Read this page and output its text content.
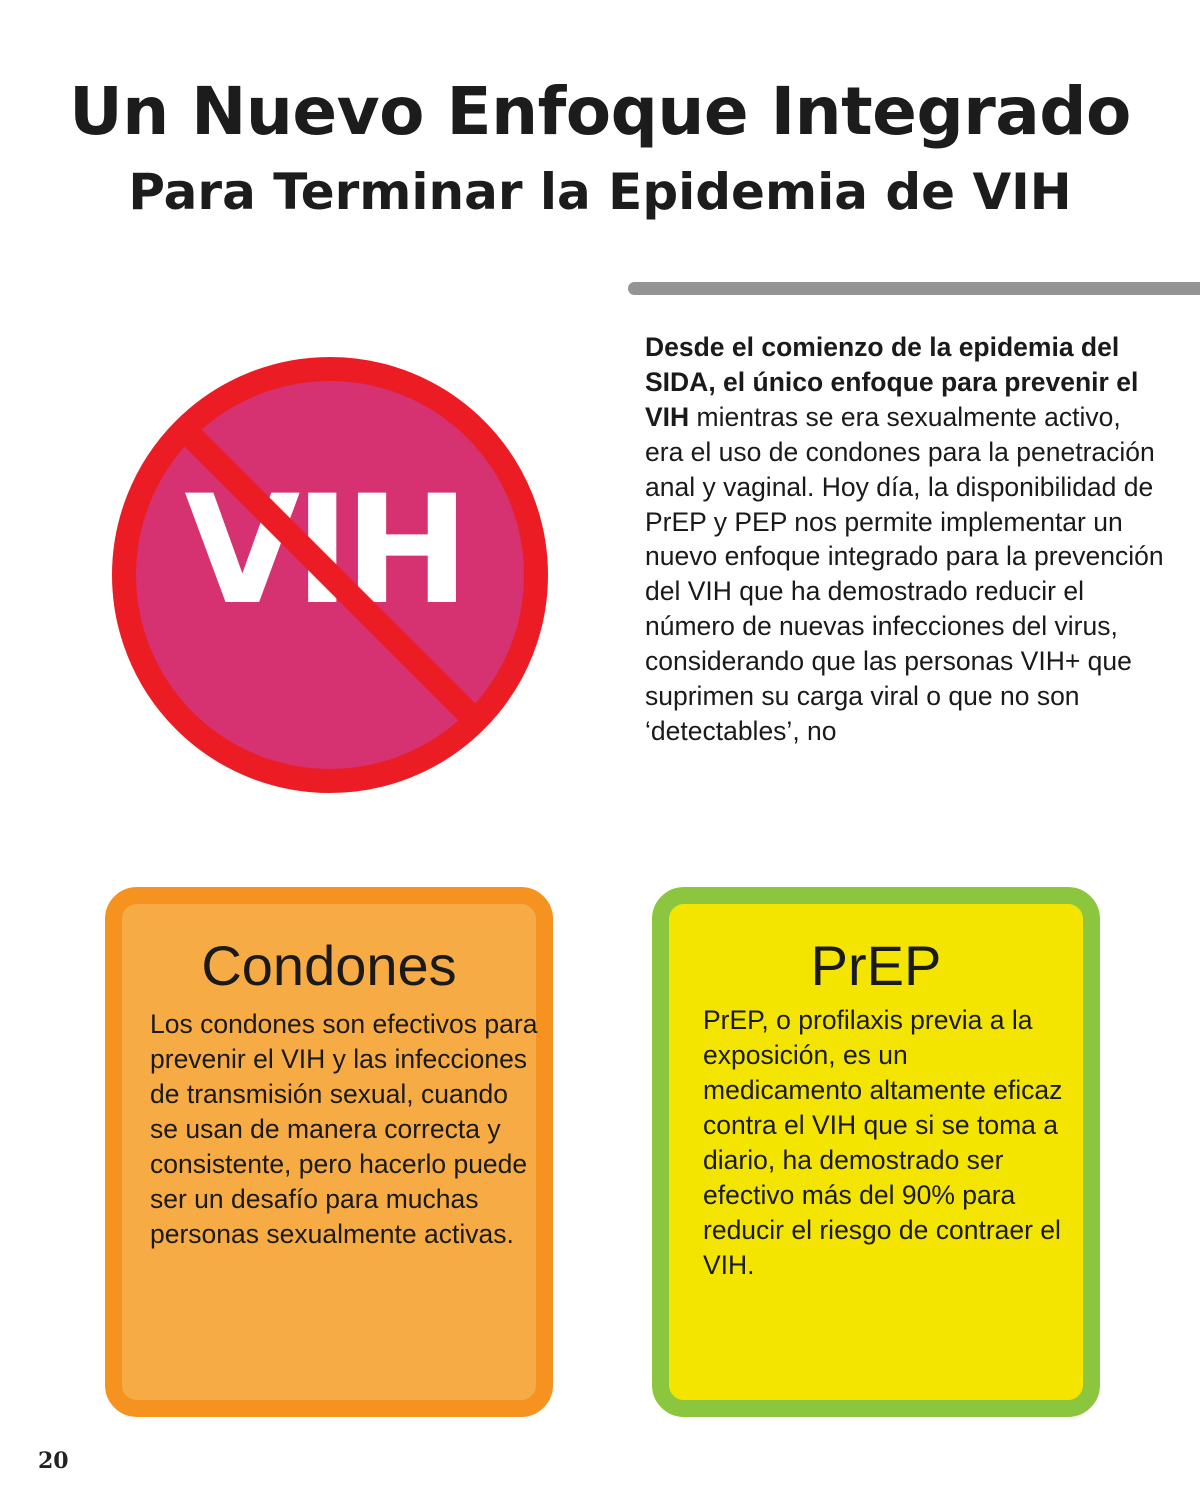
Un Nuevo Enfoque Integrado
Para Terminar la Epidemia de VIH
VIH
Desde el comienzo de la epidemia del SIDA, el único enfoque para prevenir el VIH mientras se era sexualmente activo, era el uso de condones para la penetración anal y vaginal. Hoy día, la disponibilidad de PrEP y PEP nos permite implementar un nuevo enfoque integrado para la prevención del VIH que ha demostrado reducir el número de nuevas infecciones del virus, considerando que las personas VIH+ que suprimen su carga viral o que no son ‘detectables’, no
Condones
Los condones son efectivos para prevenir el VIH y las infecciones de transmisión sexual, cuando se usan de manera correcta y consistente, pero hacerlo puede ser un desafío para muchas personas sexualmente activas.
PrEP
PrEP, o profilaxis previa a la exposición, es un medicamento altamente eficaz contra el VIH que si se toma a diario, ha demostrado ser efectivo más del 90% para reducir el riesgo de contraer el VIH.
20
